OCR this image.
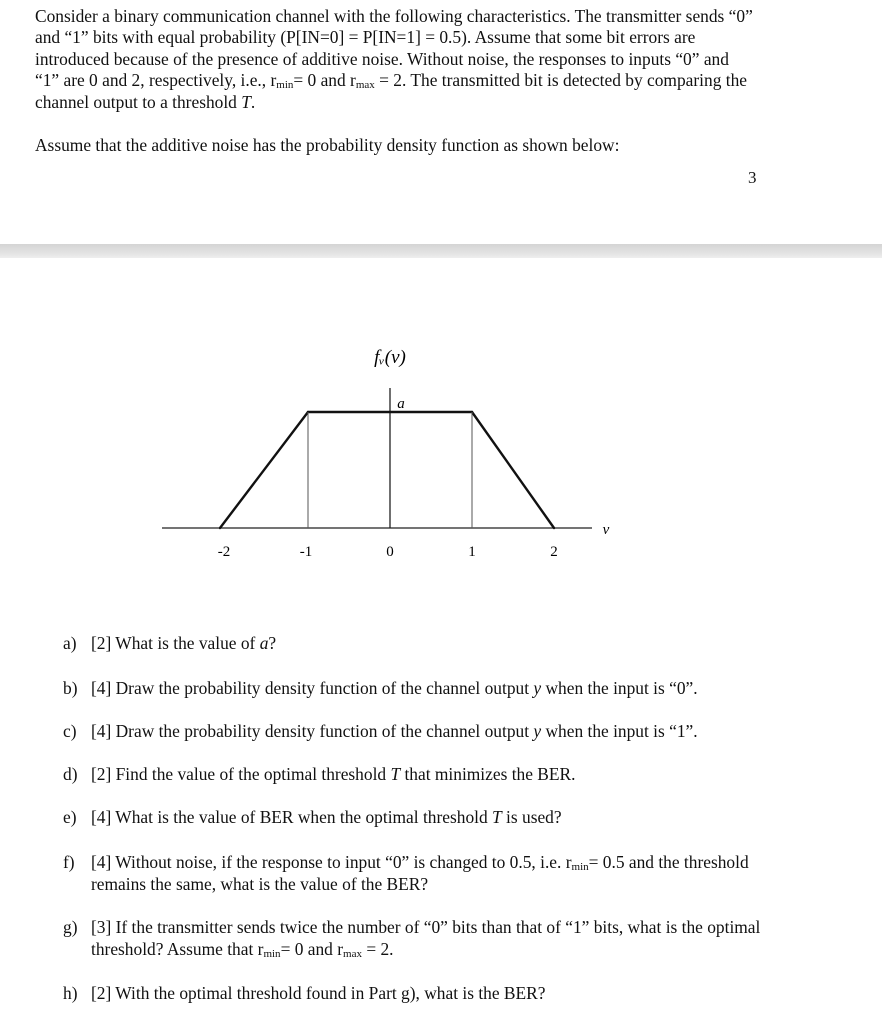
Consider a binary communication channel with the following characteristics. The transmitter sends “0”
and “1” bits with equal probability (P[IN=0] = P[IN=1] = 0.5). Assume that some bit errors are
introduced because of the presence of additive noise. Without noise, the responses to inputs “0” and
“1” are 0 and 2, respectively, i.e., $r_{min}= 0$ and $r_{max} = 2$. The transmitted bit is detected by comparing the
channel output to a threshold T.

Assume that the additive noise has the probability density function as shown below:

3
fᵥ(v)
a
v
-2	-1	0	1	2
a) [2] What is the value of a?
b) [4] Draw the probability density function of the channel output y when the input is “0”.
c) [4] Draw the probability density function of the channel output y when the input is “1”.
d) [2] Find the value of the optimal threshold T that minimizes the BER.
e) [4] What is the value of BER when the optimal threshold T is used?
f) [4] Without noise, if the response to input “0” is changed to 0.5, i.e. $r_{min}= 0.5$ and the threshold
remains the same, what is the value of the BER?
g) [3] If the transmitter sends twice the number of “0” bits than that of “1” bits, what is the optimal
threshold? Assume that $r_{min}= 0$ and $r_{max} = 2$.
h) [2] With the optimal threshold found in Part g), what is the BER?
